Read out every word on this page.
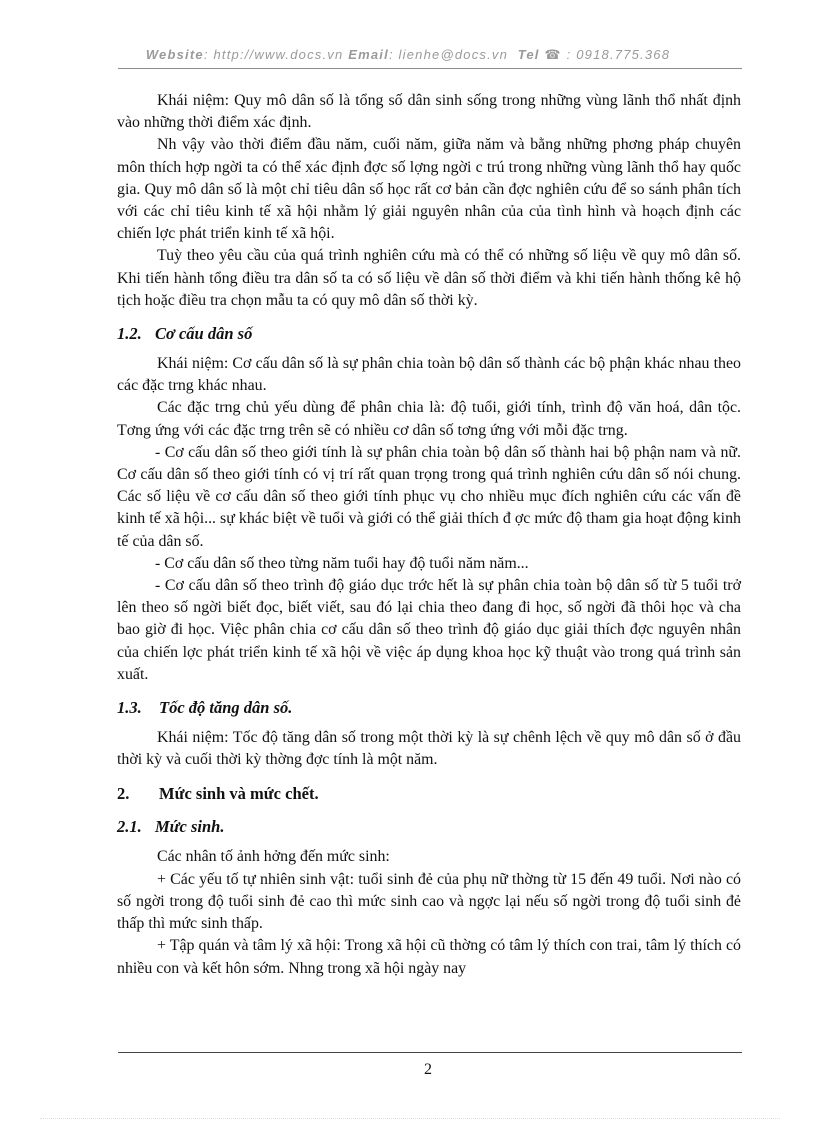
Website: http://www.docs.vn Email: lienhe@docs.vn Tel ☎ : 0918.775.368

Khái niệm: Quy mô dân số là tổng số dân sinh sống trong những vùng lãnh thổ nhất định vào những thời điểm xác định.

Nh vậy vào thời điểm đầu năm, cuối năm, giữa năm và bằng những phơng pháp chuyên môn thích hợp ngời ta có thể xác định đợc số lợng ngời c trú trong những vùng lãnh thổ hay quốc gia. Quy mô dân số là một chỉ tiêu dân số học rất cơ bản cần đợc nghiên cứu để so sánh phân tích với các chỉ tiêu kinh tế xã hội nhằm lý giải nguyên nhân của của tình hình và hoạch định các chiến lợc phát triển kinh tế xã hội.

Tuỳ theo yêu cầu của quá trình nghiên cứu mà có thể có những số liệu về quy mô dân số. Khi tiến hành tổng điều tra dân số ta có số liệu về dân số thời điểm và khi tiến hành thống kê hộ tịch hoặc điều tra chọn mẫu ta có quy mô dân số thời kỳ.

1.2. Cơ cấu dân số

Khái niệm: Cơ cấu dân số là sự phân chia toàn bộ dân số thành các bộ phận khác nhau theo các đặc trng khác nhau.

Các đặc trng chủ yếu dùng để phân chia là: độ tuổi, giới tính, trình độ văn hoá, dân tộc. Tơng ứng với các đặc trng trên sẽ có nhiều cơ dân số tơng ứng với mỗi đặc trng.

- Cơ cấu dân số theo giới tính là sự phân chia toàn bộ dân số thành hai bộ phận nam và nữ. Cơ cấu dân số theo giới tính có vị trí rất quan trọng trong quá trình nghiên cứu dân số nói chung. Các số liệu về cơ cấu dân số theo giới tính phục vụ cho nhiều mục đích nghiên cứu các vấn đề kinh tế xã hội... sự khác biệt về tuổi và giới có thể giải thích đ ợc mức độ tham gia hoạt động kinh tế của dân số.

- Cơ cấu dân số theo từng năm tuổi hay độ tuổi năm năm...

- Cơ cấu dân số theo trình độ giáo dục trớc hết là sự phân chia toàn bộ dân số từ 5 tuổi trở lên theo số ngời biết đọc, biết viết, sau đó lại chia theo đang đi học, số ngời đã thôi học và cha bao giờ đi học. Việc phân chia cơ cấu dân số theo trình độ giáo dục giải thích đợc nguyên nhân của chiến lợc phát triển kinh tế xã hội về việc áp dụng khoa học kỹ thuật vào trong quá trình sản xuất.

1.3. Tốc độ tăng dân số.

Khái niệm: Tốc độ tăng dân số trong một thời kỳ là sự chênh lệch về quy mô dân số ở đầu thời kỳ và cuối thời kỳ thờng đợc tính là một năm.

2. Mức sinh và mức chết.
2.1. Mức sinh.

Các nhân tố ảnh hởng đến mức sinh:

+ Các yếu tố tự nhiên sinh vật: tuổi sinh đẻ của phụ nữ thờng từ 15 đến 49 tuổi. Nơi nào có số ngời trong độ tuổi sinh đẻ cao thì mức sinh cao và ngợc lại nếu số ngời trong độ tuổi sinh đẻ thấp thì mức sinh thấp.

+ Tập quán và tâm lý xã hội: Trong xã hội cũ thờng có tâm lý thích con trai, tâm lý thích có nhiều con và kết hôn sớm. Nhng trong xã hội ngày nay

2
